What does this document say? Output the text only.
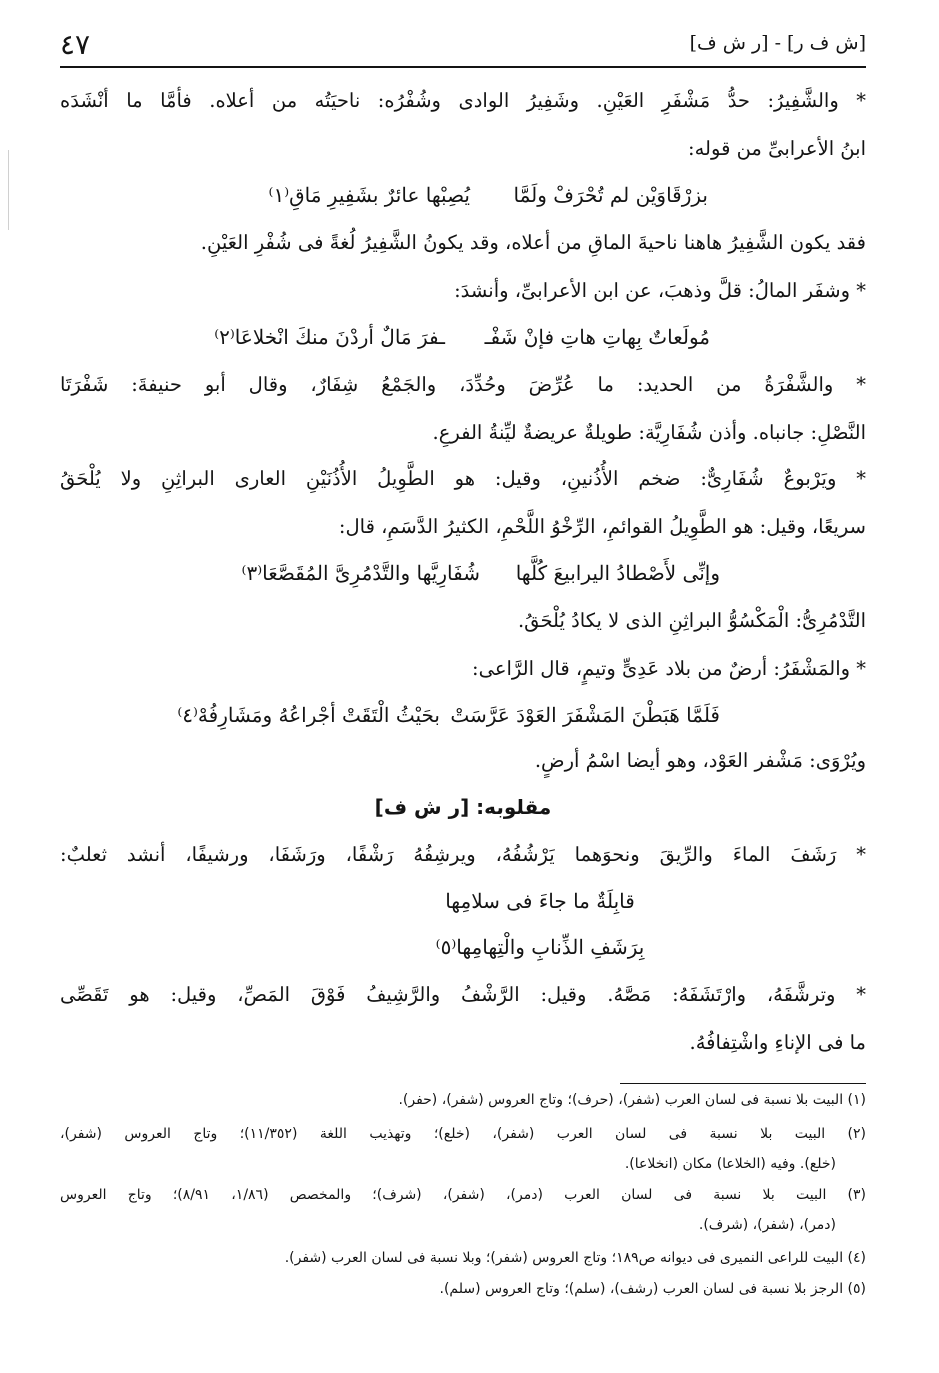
٤٧	[ش ف ر] - [ر ش ف]
* والشَّفِيرُ: حدُّ مَشْفَرِ العَيْنِ. وشَفِيرُ الوادى وشُفْرُه: ناحيَتُه من أعلاه. فأمَّا ما أنْشَدَه
ابنُ الأعرابىِّ من قوله:
بزرْقَاوَيْن لم تُحْرَفْ ولَمَّا
يُصِبْها عائرٌ بشَفِيرِ مَاقِ⁽١⁾
فقد يكون الشَّفِيرُ هاهنا ناحيةَ الماقِ من أعلاه، وقد يكونُ الشَّفِيرُ لُغةً فى شُفْرِ العَيْنِ.
* وشفَر المالُ: قلَّ وذهبَ، عن ابن الأعرابىِّ، وأنشدَ:
مُولَعاتٌ بِهاتِ هاتِ فإنْ شَفْـ
ـفرَ مَالٌ أردْنَ منكَ انْخلاعَا⁽٢⁾
* والشَّفْرَةُ من الحديد: ما عُرِّضَ وحُدِّدَ، والجَمْعُ شِفَارٌ، وقال أبو حنيفةَ: شَفْرَتَا
النَّصْلِ: جانباه. وأذن شُفَارِيَّة: طويلةٌ عريضةٌ ليِّنةُ الفرعِ.
* ويَرْبوعٌ شُفَارِىٌّ: ضخم الأُذُنينِ، وقيل: هو الطَّوِيلُ الأُذُنَيْنِ العارى البراثِنِ ولا يُلْحَقُ
سريعًا، وقيل: هو الطَّوِيلُ القوائمِ، الرِّخْوُ اللَّحْمِ، الكثيرُ الدَّسَمِ، قال:
وإنِّى لأَصْطادُ اليرابيعَ كُلَّها
شُفَارِيَّها والتَّدْمُرِىَّ المُقَصَّعَا⁽٣⁾
التَّدْمُرِىُّ: الْمَكْسُوُّ البراثِنِ الذى لا يكادُ يُلْحَقُ.
* والمَشْفَرُ: أرضٌ من بلاد عَدِىٍّ وتيمٍ، قال الرَّاعى:
فَلَمَّا هَبَطْنَ المَشْفَرَ العَوْدَ عَرَّسَتْ
بحَيْثُ الْتَقَتْ أجْراعُهُ ومَشَارِفُهْ⁽٤⁾
ويُرْوَى: مَشْفر العَوْد، وهو أيضا اسْمُ أرضٍ.
مقلوبه: [ر ش ف]
* رَشَفَ الماءَ والرِّيقَ ونحوَهما يَرْشُفُهُ، ويرشِفُهُ رَشْفًا، ورَشَفَا، ورشيفًا، أنشد ثعلبٌ:
قابِلَةٌ ما جاءَ فى سلامِها
بِرَشَفِ الذِّنابِ والْتِهامِها⁽٥⁾
* وترشَّفَهُ، وارْتَشَفَهُ: مَصَّهُ. وقيل: الرَّشْفُ والرَّشِيفُ فَوْقَ المَصِّ، وقيل: هو تَقَصِّى
ما فى الإناءِ واشْتِفافُهُ.
(١) البيت بلا نسبة فى لسان العرب (شفر)، (حرف)؛ وتاج العروس (شفر)، (حفر).
(٢) البيت بلا نسبة فى لسان العرب (شفر)، (خلع)؛ وتهذيب اللغة (١١/٣٥٢)؛ وتاج العروس (شفر)،
(خلع). وفيه (الخلاعا) مكان (انخلاعا).
(٣) البيت بلا نسبة فى لسان العرب (دمر)، (شفر)، (شرف)؛ والمخصص (١/٨٦، ٨/٩١)؛ وتاج العروس
(دمر)، (شفر)، (شرف).
(٤) البيت للراعى النميرى فى ديوانه ص١٨٩؛ وتاج العروس (شفر)؛ وبلا نسبة فى لسان العرب (شفر).
(٥) الرجز بلا نسبة فى لسان العرب (رشف)، (سلم)؛ وتاج العروس (سلم).
